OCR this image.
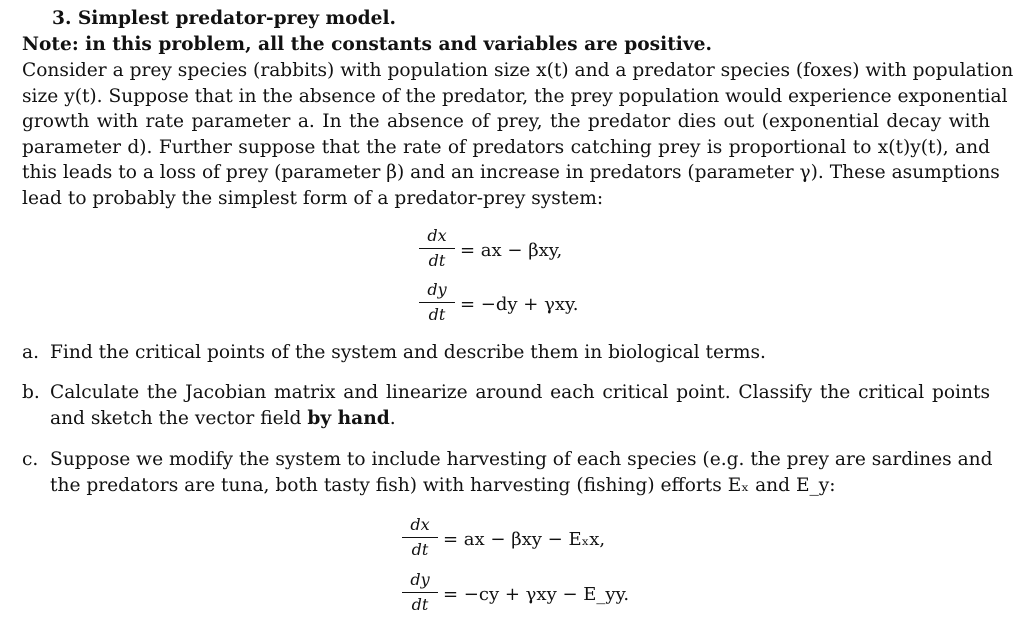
3. Simplest predator-prey model.
Note: in this problem, all the constants and variables are positive.
Consider a prey species (rabbits) with population size x(t) and a predator species (foxes) with population
size y(t). Suppose that in the absence of the predator, the prey population would experience exponential
growth with rate parameter a. In the absence of prey, the predator dies out (exponential decay with
parameter d). Further suppose that the rate of predators catching prey is proportional to x(t)y(t), and
this leads to a loss of prey (parameter β) and an increase in predators (parameter γ). These asumptions
lead to probably the simplest form of a predator-prey system:
dx
dt = ax − βxy,
dy
dt = −dy + γxy.
a. Find the critical points of the system and describe them in biological terms.
b. Calculate the Jacobian matrix and linearize around each critical point. Classify the critical points
and sketch the vector field by hand.
c. Suppose we modify the system to include harvesting of each species (e.g. the prey are sardines and
the predators are tuna, both tasty fish) with harvesting (fishing) efforts Eₓ and E_y:
dx
dt = ax − βxy − Eₓx,
dy
dt = −cy + γxy − E_yy.
